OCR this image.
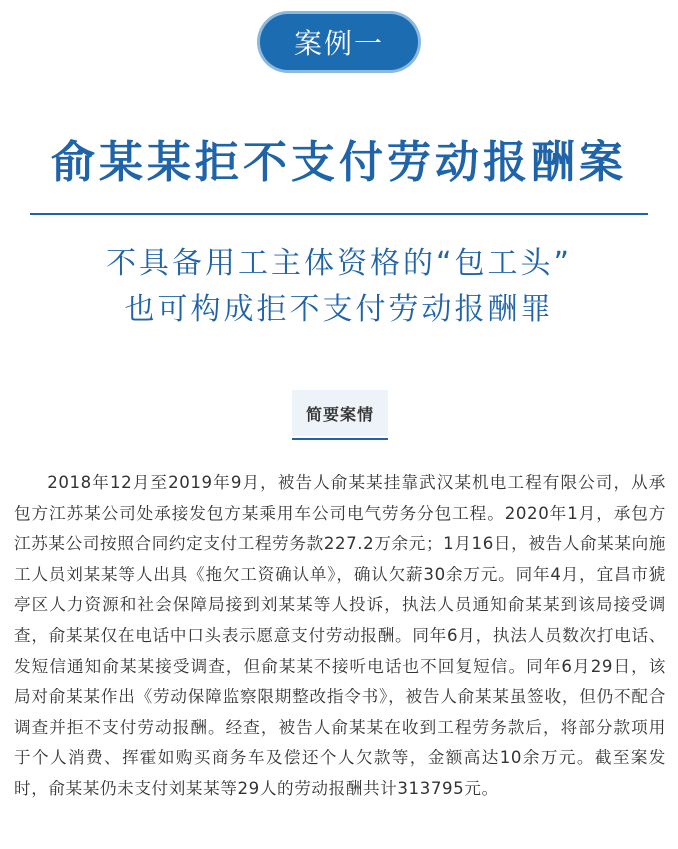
案例一
俞某某拒不支付劳动报酬案
不具备用工主体资格的“包工头”
也可构成拒不支付劳动报酬罪
简要案情

2018年12月至2019年9月，被告人俞某某挂靠武汉某机电工程有限公司，从承包方江苏某公司处承接发包方某乘用车公司电气劳务分包工程。2020年1月，承包方江苏某公司按照合同约定支付工程劳务款227.2万余元；1月16日，被告人俞某某向施工人员刘某某等人出具《拖欠工资确认单》，确认欠薪30余万元。同年4月，宜昌市猇亭区人力资源和社会保障局接到刘某某等人投诉，执法人员通知俞某某到该局接受调查，俞某某仅在电话中口头表示愿意支付劳动报酬。同年6月，执法人员数次打电话、发短信通知俞某某接受调查，但俞某某不接听电话也不回复短信。同年6月29日，该局对俞某某作出《劳动保障监察限期整改指令书》，被告人俞某某虽签收，但仍不配合调查并拒不支付劳动报酬。经查，被告人俞某某在收到工程劳务款后，将部分款项用于个人消费、挥霍如购买商务车及偿还个人欠款等，金额高达10余万元。截至案发时，俞某某仍未支付刘某某等29人的劳动报酬共计313795元。
